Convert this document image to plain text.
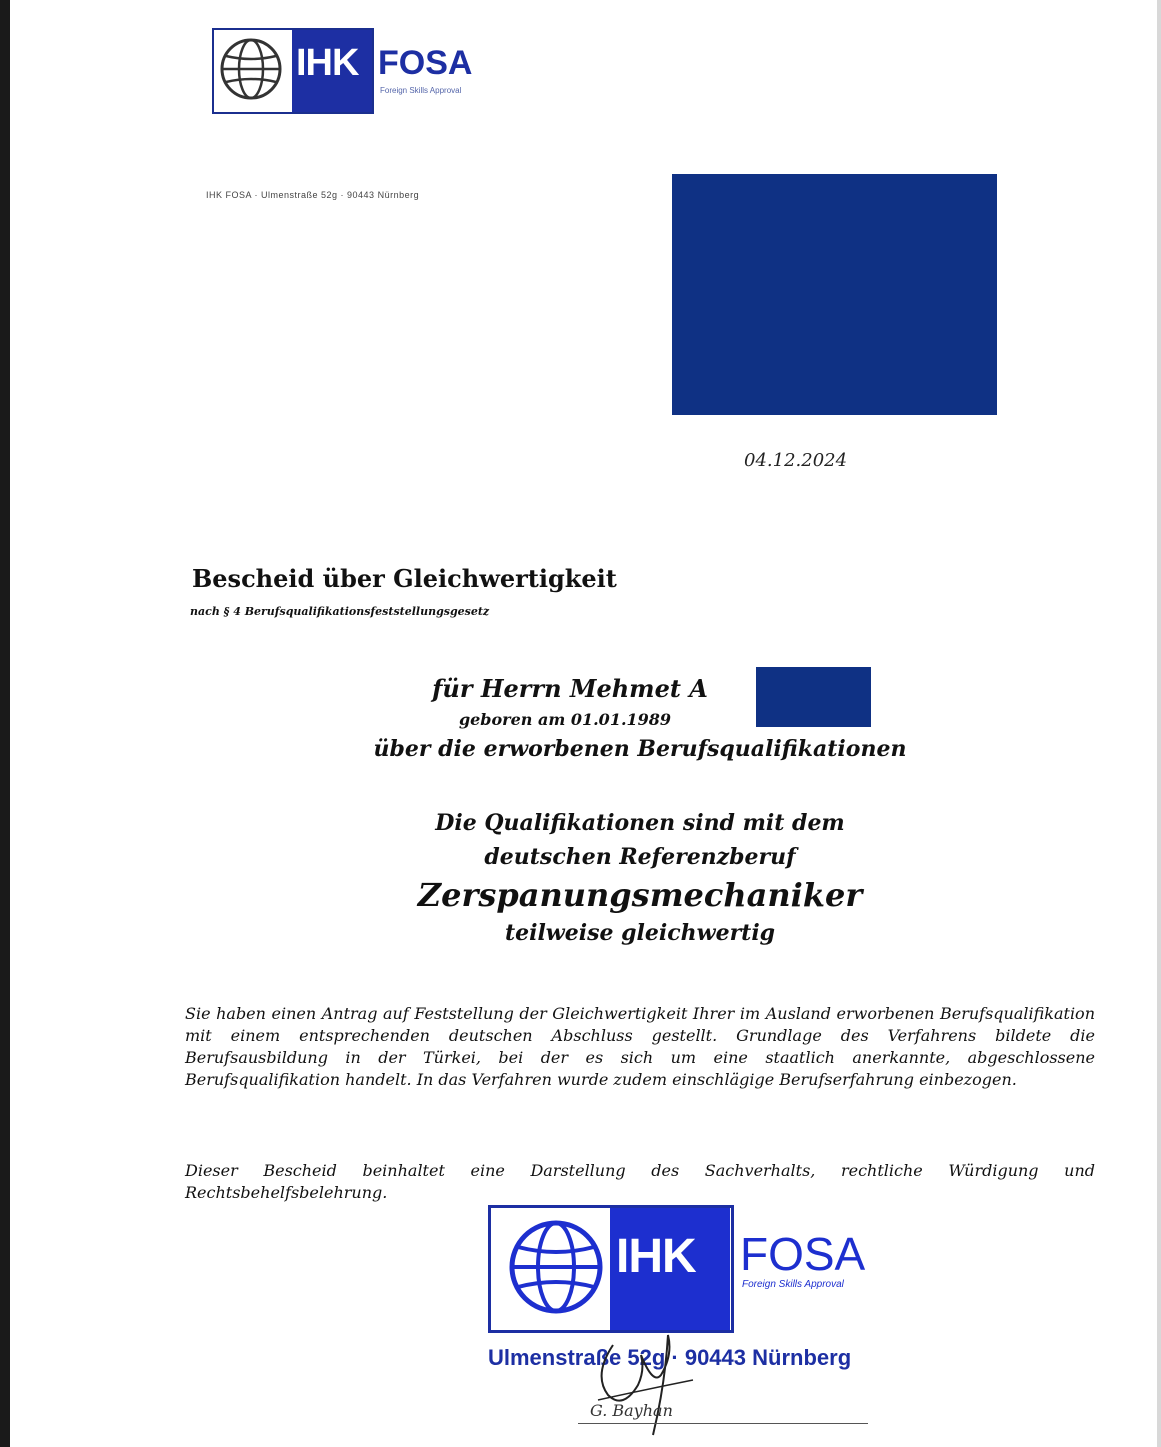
IHK FOSA
Foreign Skills Approval
IHK FOSA · Ulmenstraße 52g · 90443 Nürnberg
04.12.2024
Bescheid über Gleichwertigkeit
nach § 4 Berufsqualifikationsfeststellungsgesetz
für Herrn Mehmet A
geboren am 01.01.1989
über die erworbenen Berufsqualifikationen
Die Qualifikationen sind mit dem
deutschen Referenzberuf
Zerspanungsmechaniker
teilweise gleichwertig
Sie haben einen Antrag auf Feststellung der Gleichwertigkeit Ihrer im Ausland erworbenen Berufsqualifikation mit einem entsprechenden deutschen Abschluss gestellt. Grundlage des Verfahrens bildete die Berufsausbildung in der Türkei, bei der es sich um eine staatlich anerkannte, abgeschlossene Berufsqualifikation handelt. In das Verfahren wurde zudem einschlägige Berufserfahrung einbezogen.
Dieser Bescheid beinhaltet eine Darstellung des Sachverhalts, rechtliche Würdigung und Rechtsbehelfsbelehrung.
IHK FOSA
Foreign Skills Approval
Ulmenstraße 52g · 90443 Nürnberg
G. Bayhan
